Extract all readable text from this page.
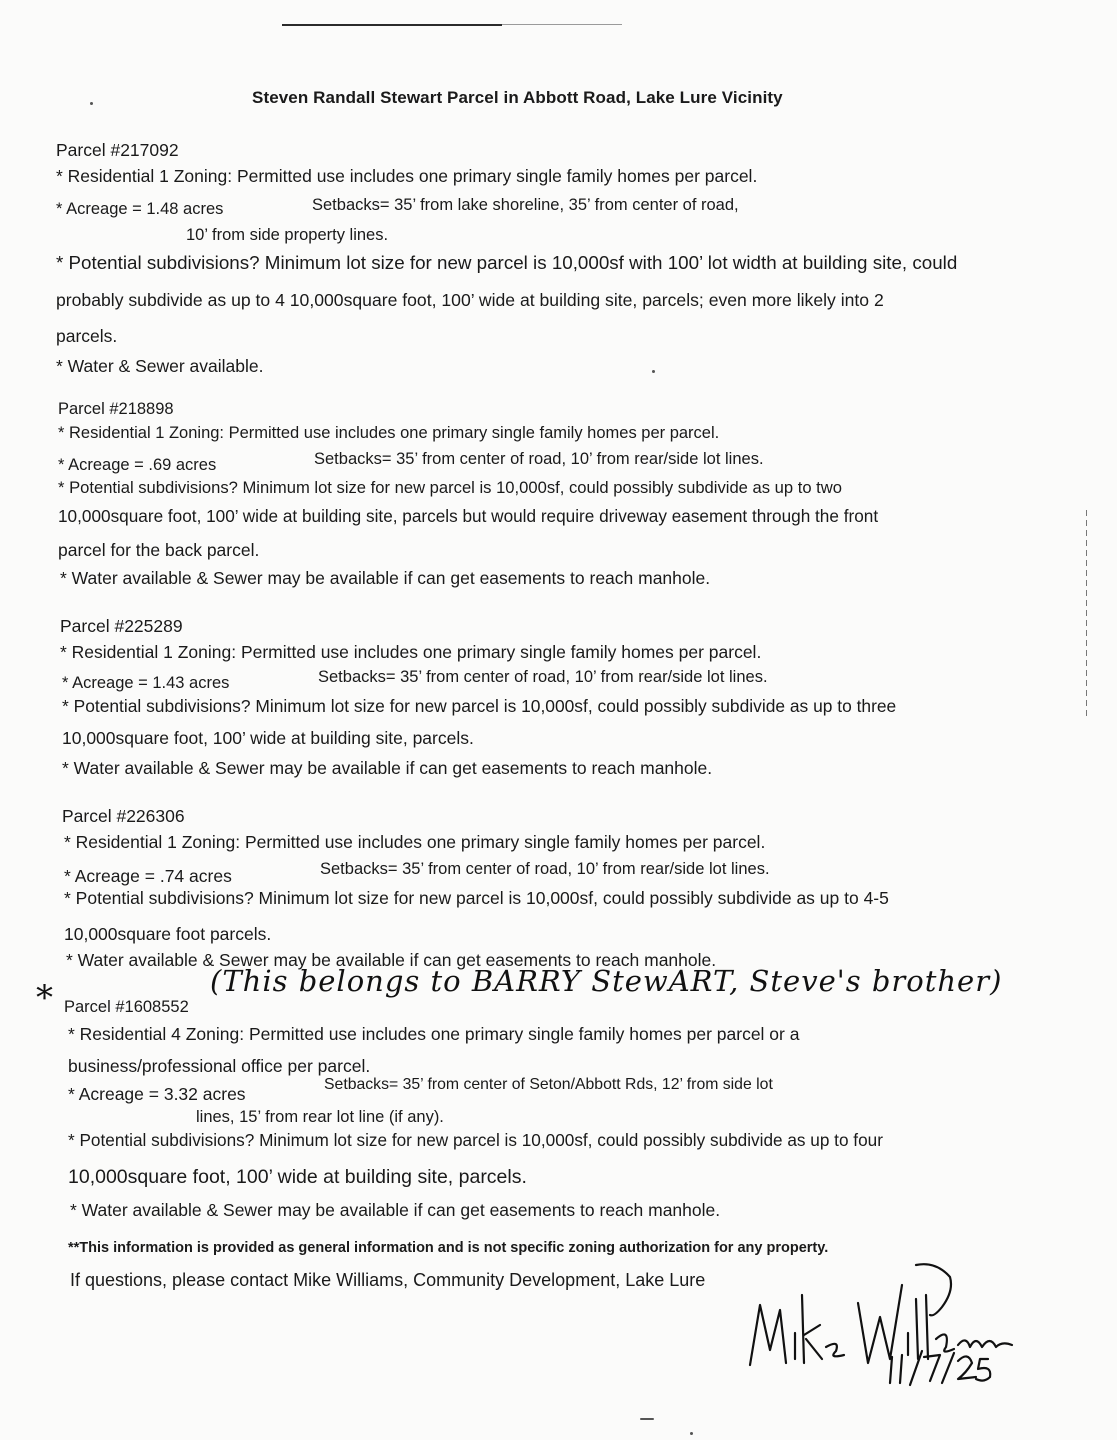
Steven Randall Stewart Parcel in Abbott Road, Lake Lure Vicinity
Parcel #217092
* Residential 1 Zoning: Permitted use includes one primary single family homes per parcel.
* Acreage = 1.48 acres	Setbacks= 35’ from lake shoreline, 35’ from center of road,
10’ from side property lines.
* Potential subdivisions? Minimum lot size for new parcel is 10,000sf with 100’ lot width at building site, could
probably subdivide as up to 4 10,000square foot, 100’ wide at building site, parcels; even more likely into 2
parcels.
* Water & Sewer available.
Parcel #218898
* Residential 1 Zoning: Permitted use includes one primary single family homes per parcel.
* Acreage = .69 acres	Setbacks= 35’ from center of road, 10’ from rear/side lot lines.
* Potential subdivisions? Minimum lot size for new parcel is 10,000sf, could possibly subdivide as up to two
10,000square foot, 100’ wide at building site, parcels but would require driveway easement through the front
parcel for the back parcel.
* Water available & Sewer may be available if can get easements to reach manhole.
Parcel #225289
* Residential 1 Zoning: Permitted use includes one primary single family homes per parcel.
* Acreage = 1.43 acres	Setbacks= 35’ from center of road, 10’ from rear/side lot lines.
* Potential subdivisions? Minimum lot size for new parcel is 10,000sf, could possibly subdivide as up to three
10,000square foot, 100’ wide at building site, parcels.
* Water available & Sewer may be available if can get easements to reach manhole.
Parcel #226306
* Residential 1 Zoning: Permitted use includes one primary single family homes per parcel.
* Acreage = .74 acres	Setbacks= 35’ from center of road, 10’ from rear/side lot lines.
* Potential subdivisions? Minimum lot size for new parcel is 10,000sf, could possibly subdivide as up to 4-5
10,000square foot parcels.
* Water available & Sewer may be available if can get easements to reach manhole.
* Parcel #1608552
(This belongs to BARRY StewART, Steve's brother)
* Residential 4 Zoning: Permitted use includes one primary single family homes per parcel or a
business/professional office per parcel.
* Acreage = 3.32 acres	Setbacks= 35’ from center of Seton/Abbott Rds, 12’ from side lot
lines, 15’ from rear lot line (if any).
* Potential subdivisions? Minimum lot size for new parcel is 10,000sf, could possibly subdivide as up to four
10,000square foot, 100’ wide at building site, parcels.
* Water available & Sewer may be available if can get easements to reach manhole.
**This information is provided as general information and is not specific zoning authorization for any property.
If questions, please contact Mike Williams, Community Development, Lake Lure
